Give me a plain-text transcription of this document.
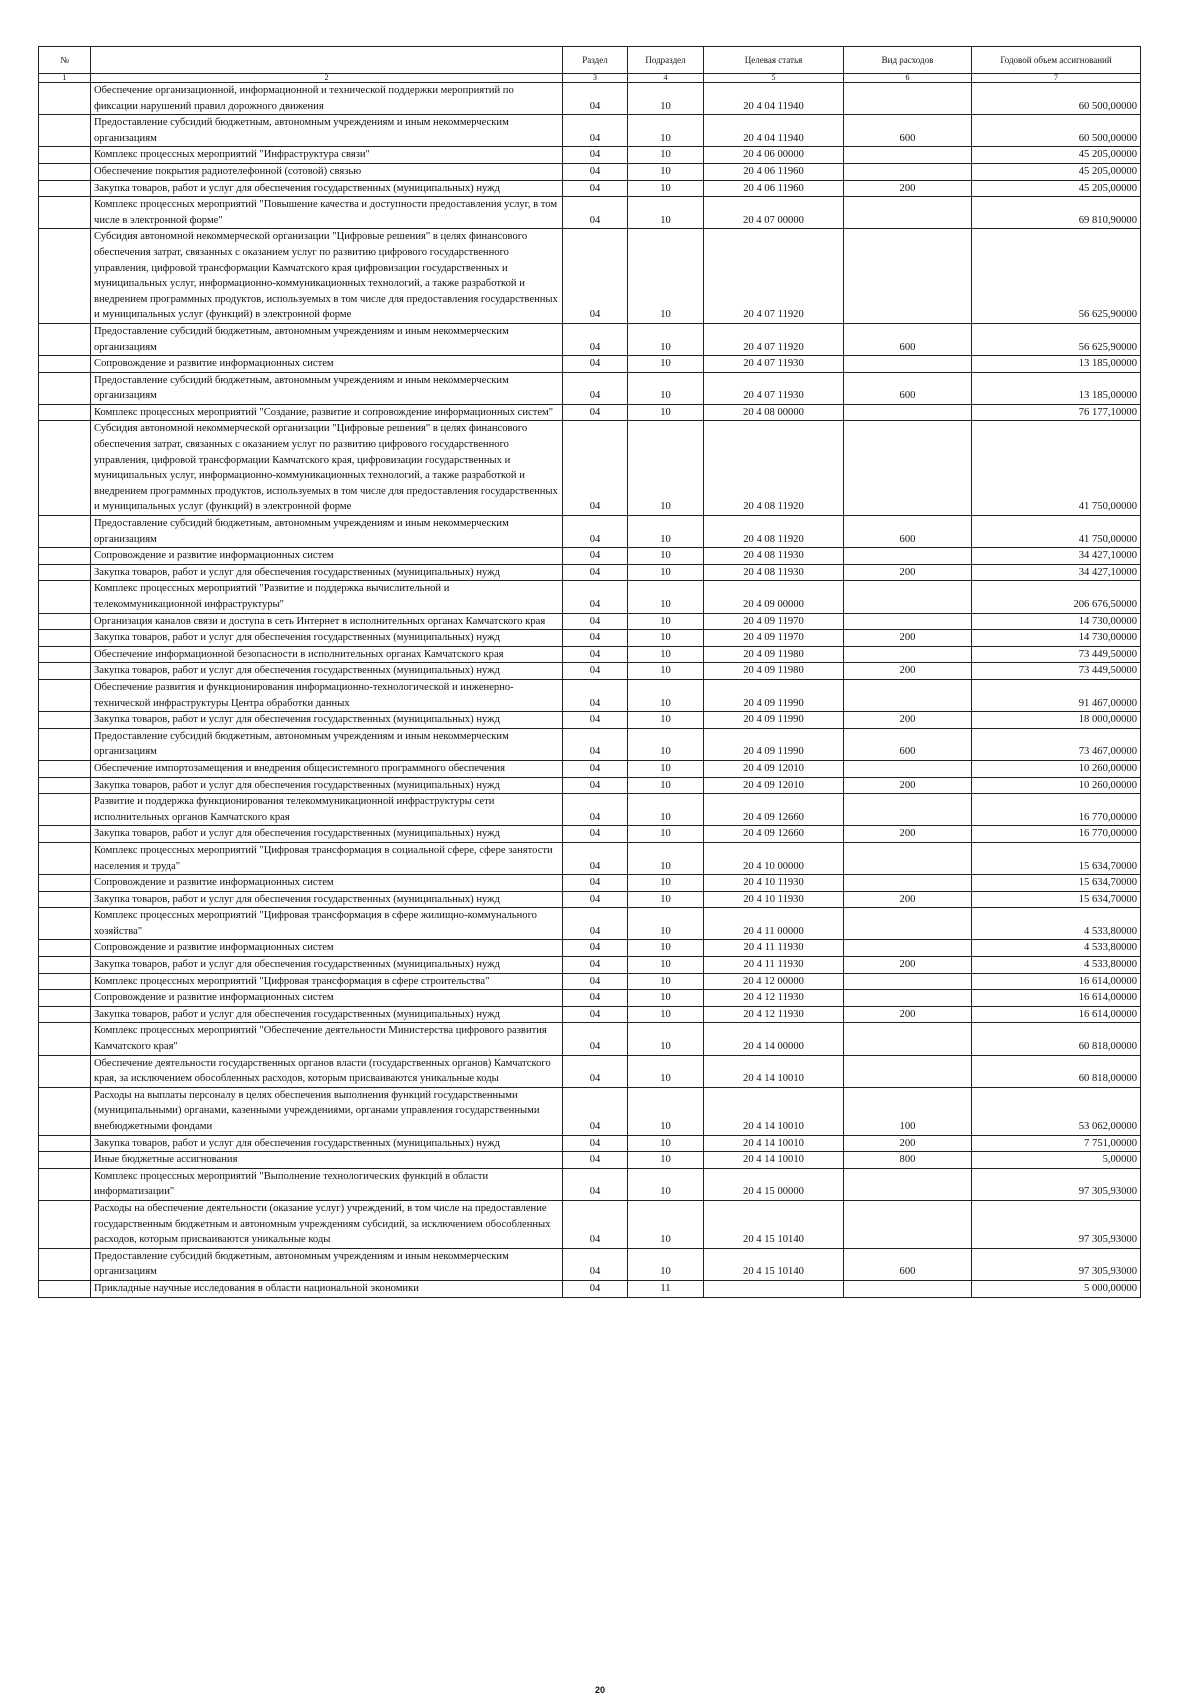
№		Раздел	Подраздел	Целевая статья	Вид расходов	Годовой объем ассигнований
1	2	3	4	5	6	7
	Обеспечение организационной, информационной и технической поддержки мероприятий по фиксации нарушений правил дорожного движения	04	10	20 4 04 11940		60 500,00000
	Предоставление субсидий бюджетным, автономным учреждениям и иным некоммерческим организациям	04	10	20 4 04 11940	600	60 500,00000
	Комплекс процессных мероприятий "Инфраструктура связи"	04	10	20 4 06 00000		45 205,00000
	Обеспечение покрытия радиотелефонной (сотовой) связью	04	10	20 4 06 11960		45 205,00000
	Закупка товаров, работ и услуг для обеспечения государственных (муниципальных) нужд	04	10	20 4 06 11960	200	45 205,00000
	Комплекс процессных мероприятий "Повышение качества и доступности предоставления услуг, в том числе в электронной форме"	04	10	20 4 07 00000		69 810,90000
	Субсидия автономной некоммерческой организации "Цифровые решения" в целях финансового обеспечения затрат, связанных с оказанием услуг по развитию цифрового государственного управления, цифровой трансформации Камчатского края цифровизации государственных и муниципальных услуг, информационно-коммуникационных технологий, а также разработкой и внедрением программных продуктов, используемых в том числе для предоставления государственных и муниципальных услуг (функций) в электронной форме	04	10	20 4 07 11920		56 625,90000
	Предоставление субсидий бюджетным, автономным учреждениям и иным некоммерческим организациям	04	10	20 4 07 11920	600	56 625,90000
	Сопровождение и развитие информационных систем	04	10	20 4 07 11930		13 185,00000
	Предоставление субсидий бюджетным, автономным учреждениям и иным некоммерческим организациям	04	10	20 4 07 11930	600	13 185,00000
	Комплекс процессных мероприятий "Создание, развитие и сопровождение информационных систем"	04	10	20 4 08 00000		76 177,10000
	Субсидия автономной некоммерческой организации "Цифровые решения" в целях финансового обеспечения затрат, связанных с оказанием услуг по развитию цифрового государственного управления, цифровой трансформации Камчатского края, цифровизации государственных и муниципальных услуг, информационно-коммуникационных технологий, а также разработкой и внедрением программных продуктов, используемых в том числе для предоставления государственных и муниципальных услуг (функций) в электронной форме	04	10	20 4 08 11920		41 750,00000
	Предоставление субсидий бюджетным, автономным учреждениям и иным некоммерческим организациям	04	10	20 4 08 11920	600	41 750,00000
	Сопровождение и развитие информационных систем	04	10	20 4 08 11930		34 427,10000
	Закупка товаров, работ и услуг для обеспечения государственных (муниципальных) нужд	04	10	20 4 08 11930	200	34 427,10000
	Комплекс процессных мероприятий "Развитие и поддержка вычислительной и телекоммуникационной инфраструктуры"	04	10	20 4 09 00000		206 676,50000
	Организация каналов связи и доступа в сеть Интернет в исполнительных органах Камчатского края	04	10	20 4 09 11970		14 730,00000
	Закупка товаров, работ и услуг для обеспечения государственных (муниципальных) нужд	04	10	20 4 09 11970	200	14 730,00000
	Обеспечение информационной безопасности в исполнительных органах Камчатского края	04	10	20 4 09 11980		73 449,50000
	Закупка товаров, работ и услуг для обеспечения государственных (муниципальных) нужд	04	10	20 4 09 11980	200	73 449,50000
	Обеспечение развития и функционирования информационно-технологической и инженерно-технической инфраструктуры Центра обработки данных	04	10	20 4 09 11990		91 467,00000
	Закупка товаров, работ и услуг для обеспечения государственных (муниципальных) нужд	04	10	20 4 09 11990	200	18 000,00000
	Предоставление субсидий бюджетным, автономным учреждениям и иным некоммерческим организациям	04	10	20 4 09 11990	600	73 467,00000
	Обеспечение импортозамещения и внедрения общесистемного программного обеспечения	04	10	20 4 09 12010		10 260,00000
	Закупка товаров, работ и услуг для обеспечения государственных (муниципальных) нужд	04	10	20 4 09 12010	200	10 260,00000
	Развитие и поддержка функционирования телекоммуникационной инфраструктуры сети исполнительных органов Камчатского края	04	10	20 4 09 12660		16 770,00000
	Закупка товаров, работ и услуг для обеспечения государственных (муниципальных) нужд	04	10	20 4 09 12660	200	16 770,00000
	Комплекс процессных мероприятий "Цифровая трансформация в социальной сфере, сфере занятости населения и труда"	04	10	20 4 10 00000		15 634,70000
	Сопровождение и развитие информационных систем	04	10	20 4 10 11930		15 634,70000
	Закупка товаров, работ и услуг для обеспечения государственных (муниципальных) нужд	04	10	20 4 10 11930	200	15 634,70000
	Комплекс процессных мероприятий "Цифровая трансформация в сфере жилищно-коммунального хозяйства"	04	10	20 4 11 00000		4 533,80000
	Сопровождение и развитие информационных систем	04	10	20 4 11 11930		4 533,80000
	Закупка товаров, работ и услуг для обеспечения государственных (муниципальных) нужд	04	10	20 4 11 11930	200	4 533,80000
	Комплекс процессных мероприятий "Цифровая трансформация в сфере строительства"	04	10	20 4 12 00000		16 614,00000
	Сопровождение и развитие информационных систем	04	10	20 4 12 11930		16 614,00000
	Закупка товаров, работ и услуг для обеспечения государственных (муниципальных) нужд	04	10	20 4 12 11930	200	16 614,00000
	Комплекс процессных мероприятий "Обеспечение деятельности Министерства цифрового развития Камчатского края"	04	10	20 4 14 00000		60 818,00000
	Обеспечение деятельности государственных органов власти (государственных органов) Камчатского края, за исключением обособленных расходов, которым присваиваются уникальные коды	04	10	20 4 14 10010		60 818,00000
	Расходы на выплаты персоналу в целях обеспечения выполнения функций государственными (муниципальными) органами, казенными учреждениями, органами управления государственными внебюджетными фондами	04	10	20 4 14 10010	100	53 062,00000
	Закупка товаров, работ и услуг для обеспечения государственных (муниципальных) нужд	04	10	20 4 14 10010	200	7 751,00000
	Иные бюджетные ассигнования	04	10	20 4 14 10010	800	5,00000
	Комплекс процессных мероприятий "Выполнение технологических функций в области информатизации"	04	10	20 4 15 00000		97 305,93000
	Расходы на обеспечение деятельности (оказание услуг) учреждений, в том числе на предоставление государственным бюджетным и автономным учреждениям субсидий, за исключением обособленных расходов, которым присваиваются уникальные коды	04	10	20 4 15 10140		97 305,93000
	Предоставление субсидий бюджетным, автономным учреждениям и иным некоммерческим организациям	04	10	20 4 15 10140	600	97 305,93000
	Прикладные научные исследования в области национальной экономики	04	11			5 000,00000
20
